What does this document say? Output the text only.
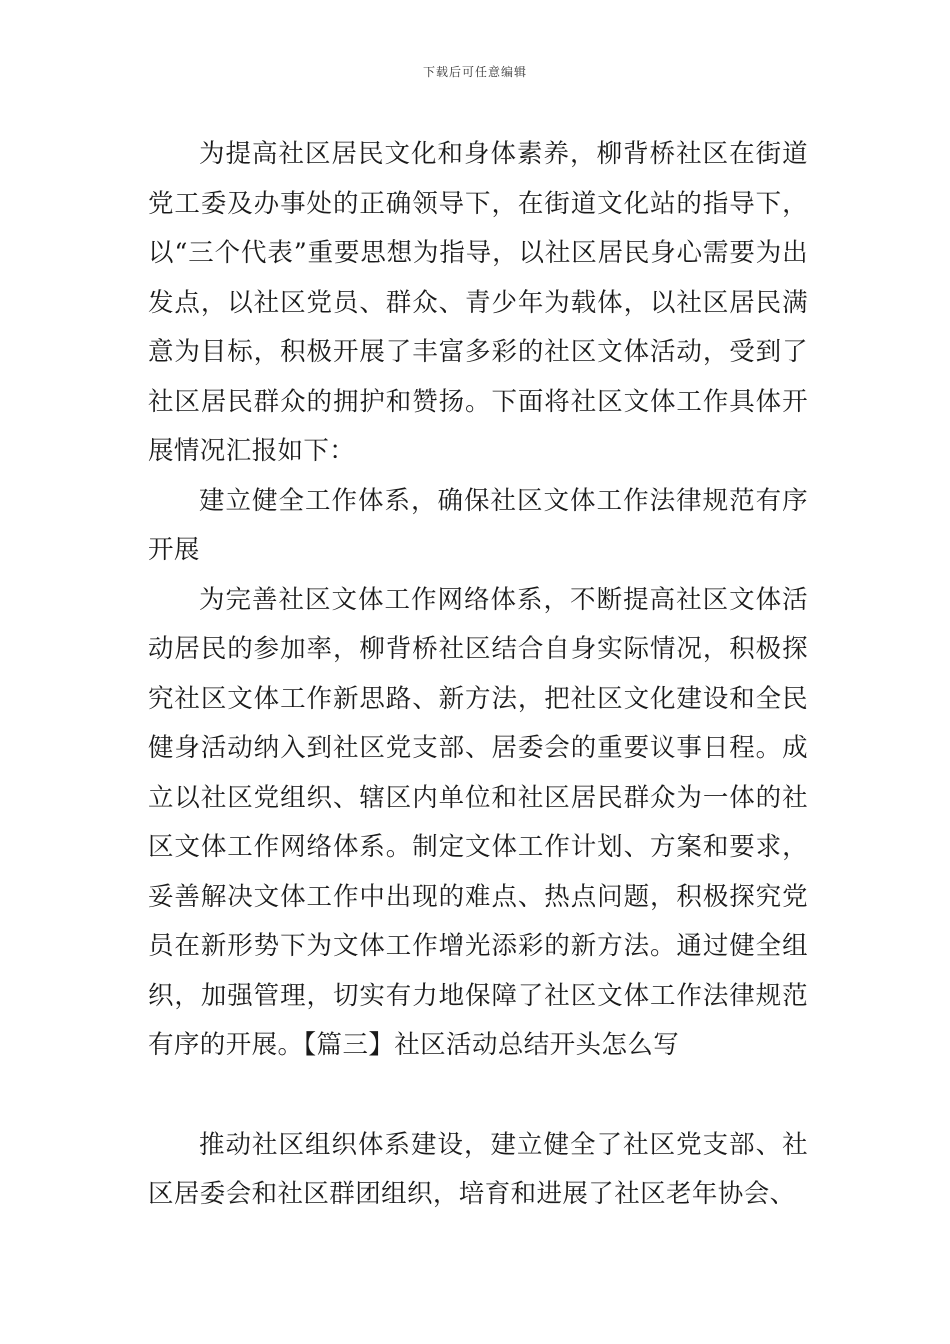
下载后可任意编辑

为提高社区居民文化和身体素养，柳背桥社区在街道党工委及办事处的正确领导下，在街道文化站的指导下，以“三个代表”重要思想为指导，以社区居民身心需要为出发点，以社区党员、群众、青少年为载体，以社区居民满意为目标，积极开展了丰富多彩的社区文体活动，受到了社区居民群众的拥护和赞扬。下面将社区文体工作具体开展情况汇报如下：

建立健全工作体系，确保社区文体工作法律规范有序开展

为完善社区文体工作网络体系，不断提高社区文体活动居民的参加率，柳背桥社区结合自身实际情况，积极探究社区文体工作新思路、新方法，把社区文化建设和全民健身活动纳入到社区党支部、居委会的重要议事日程。成立以社区党组织、辖区内单位和社区居民群众为一体的社区文体工作网络体系。制定文体工作计划、方案和要求，妥善解决文体工作中出现的难点、热点问题，积极探究党员在新形势下为文体工作增光添彩的新方法。通过健全组织，加强管理，切实有力地保障了社区文体工作法律规范有序的开展。【篇三】社区活动总结开头怎么写

推动社区组织体系建设，建立健全了社区党支部、社区居委会和社区群团组织，培育和进展了社区老年协会、
